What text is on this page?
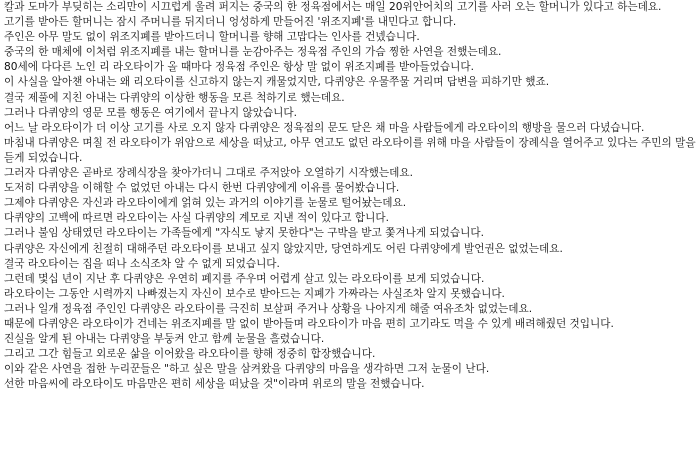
칼과 도마가 부딪히는 소리만이 시끄럽게 울려 퍼지는 중국의 한 정육점에서는 매일 20위안어치의 고기를 사러 오는 할머니가 있다고 하는데요.

고기를 받아든 할머니는 잠시 주머니를 뒤지더니 엉성하게 만들어진 '위조지폐'를 내민다고 합니다.

주인은 아무 말도 없이 위조지폐를 받아드더니 할머니를 향해 고맙다는 인사를 건넸습니다.

중국의 한 매체에 이처럼 위조지폐를 내는 할머니를 눈감아주는 정육점 주인의 가슴 찡한 사연을 전했는데요.

80세에 다다른 노인 리 라오타이가 올 때마다 정육점 주인은 항상 말 없이 위조지폐를 받아들었습니다.

이 사실을 알아챈 아내는 왜 리오타이를 신고하지 않는지 캐물었지만, 다퀴양은 우물쭈물 거리며 답변을 피하기만 했죠.

결국 제풀에 지친 아내는 다퀴양의 이상한 행동을 모른 척하기로 했는데요.

그러나 다퀴양의 영문 모를 행동은 여기에서 끝나지 않았습니다.

어느 날 라오타이가 더 이상 고기를 사로 오지 않자 다퀴양은 정육점의 문도 닫은 채 마을 사람들에게 라오타이의 행방을 물으러 다녔습니다.

마침내 다퀴양은 며칠 전 라오타이가 위암으로 세상을 떠났고, 아무 연고도 없던 라오타이를 위해 마을 사람들이 장례식을 열어주고 있다는 주민의 말을 듣게 되었습니다.

그러자 다퀴양은 곧바로 장례식장을 찾아가더니 그대로 주저앉아 오열하기 시작했는데요.

도저히 다퀴양을 이해할 수 없었던 아내는 다시 한번 다퀴양에게 이유를 물어봤습니다.

그제야 다퀴양은 자신과 라오타이에게 얽혀 있는 과거의 이야기를 눈물로 털어놨는데요.

다퀴양의 고백에 따르면 라오타이는 사실 다퀴양의 계모로 지낸 적이 있다고 합니다.

그러나 불임 상태였던 라오타이는 가족들에게 "자식도 낳지 못한다"는 구박을 받고 쫓겨나게 되었습니다.

다퀴양은 자신에게 친절히 대해주던 라오타이를 보내고 싶지 않았지만, 당연하게도 어린 다퀴양에게 발언권은 없었는데요.

결국 라오타이는 집을 떠나 소식조차 알 수 없게 되었습니다.

그런데 몇십 년이 지난 후 다퀴양은 우연히 폐지를 주우며 어렵게 살고 있는 라오타이를 보게 되었습니다.

라오타이는 그동안 시력까지 나빠졌는지 자신이 보수로 받아드는 지폐가 가짜라는 사실조차 알지 못했습니다.

그러나 일개 정육점 주인인 다퀴양은 라오타이를 극진히 보살펴 주거나 상황을 나아지게 해줄 여유조차 없었는데요.

때문에 다퀴양은 라오타이가 건네는 위조지폐를 말 없이 받아들며 라오타이가 마음 편히 고기라도 먹을 수 있게 배려해줬던 것입니다.

진실을 알게 된 아내는 다퀴양을 부둥켜 안고 함께 눈물을 흘렸습니다.

그리고 그간 힘들고 외로운 삶을 이어왔을 라오타이를 향해 정중히 합장했습니다.

이와 같은 사연을 접한 누리꾼들은 "하고 싶은 말을 삼켜왔을 다퀴양의 마음을 생각하면 그저 눈물이 난다.

선한 마음씨에 라오타이도 마음만은 편히 세상을 떠났을 것"이라며 위로의 말을 전했습니다.
